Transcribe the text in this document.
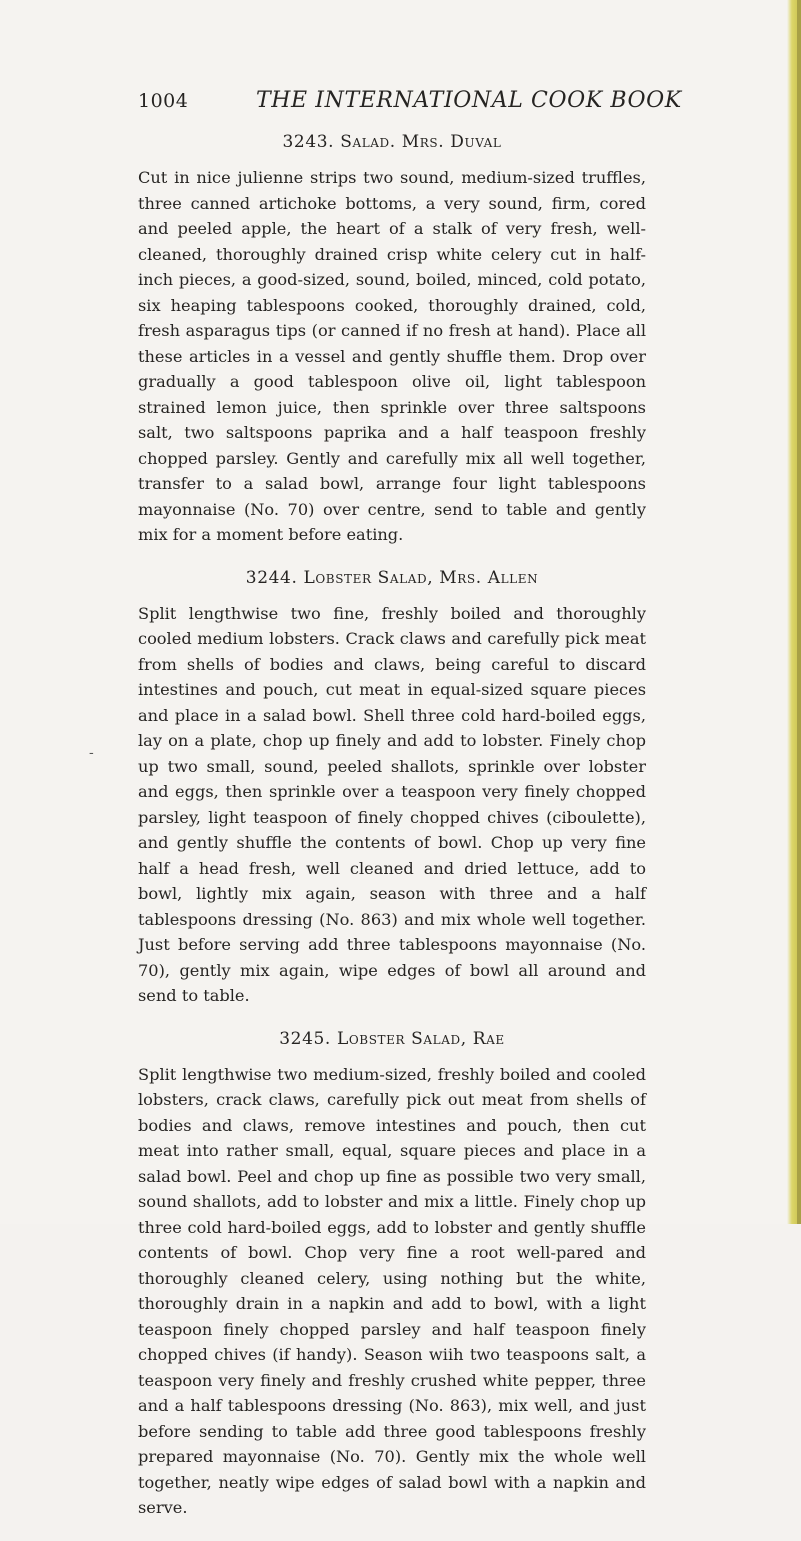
1004	THE INTERNATIONAL COOK BOOK
-
3243. Salad. Mrs. Duval

Cut in nice julienne strips two sound, medium-sized truffles, three canned artichoke bottoms, a very sound, firm, cored and peeled apple, the heart of a stalk of very fresh, well-cleaned, thoroughly drained crisp white celery cut in half-inch pieces, a good-sized, sound, boiled, minced, cold potato, six heaping tablespoons cooked, thoroughly drained, cold, fresh asparagus tips (or canned if no fresh at hand). Place all these articles in a vessel and gently shuffle them. Drop over gradually a good tablespoon olive oil, light tablespoon strained lemon juice, then sprinkle over three saltspoons salt, two saltspoons paprika and a half teaspoon freshly chopped parsley. Gently and carefully mix all well together, transfer to a salad bowl, arrange four light tablespoons mayonnaise (No. 70) over centre, send to table and gently mix for a moment before eating.

3244. Lobster Salad, Mrs. Allen

Split lengthwise two fine, freshly boiled and thoroughly cooled medium lobsters. Crack claws and carefully pick meat from shells of bodies and claws, being careful to discard intestines and pouch, cut meat in equal-sized square pieces and place in a salad bowl. Shell three cold hard-boiled eggs, lay on a plate, chop up finely and add to lobster. Finely chop up two small, sound, peeled shallots, sprinkle over lobster and eggs, then sprinkle over a teaspoon very finely chopped parsley, light teaspoon of finely chopped chives (ciboulette), and gently shuffle the contents of bowl. Chop up very fine half a head fresh, well cleaned and dried lettuce, add to bowl, lightly mix again, season with three and a half tablespoons dressing (No. 863) and mix whole well together. Just before serving add three tablespoons mayonnaise (No. 70), gently mix again, wipe edges of bowl all around and send to table.

3245. Lobster Salad, Rae

Split lengthwise two medium-sized, freshly boiled and cooled lobsters, crack claws, carefully pick out meat from shells of bodies and claws, remove intestines and pouch, then cut meat into rather small, equal, square pieces and place in a salad bowl. Peel and chop up fine as possible two very small, sound shallots, add to lobster and mix a little. Finely chop up three cold hard-boiled eggs, add to lobster and gently shuffle contents of bowl. Chop very fine a root well-pared and thoroughly cleaned celery, using nothing but the white, thoroughly drain in a napkin and add to bowl, with a light teaspoon finely chopped parsley and half teaspoon finely chopped chives (if handy). Season wiih two teaspoons salt, a teaspoon very finely and freshly crushed white pepper, three and a half tablespoons dressing (No. 863), mix well, and just before sending to table add three good tablespoons freshly prepared mayonnaise (No. 70). Gently mix the whole well together, neatly wipe edges of salad bowl with a napkin and serve.
